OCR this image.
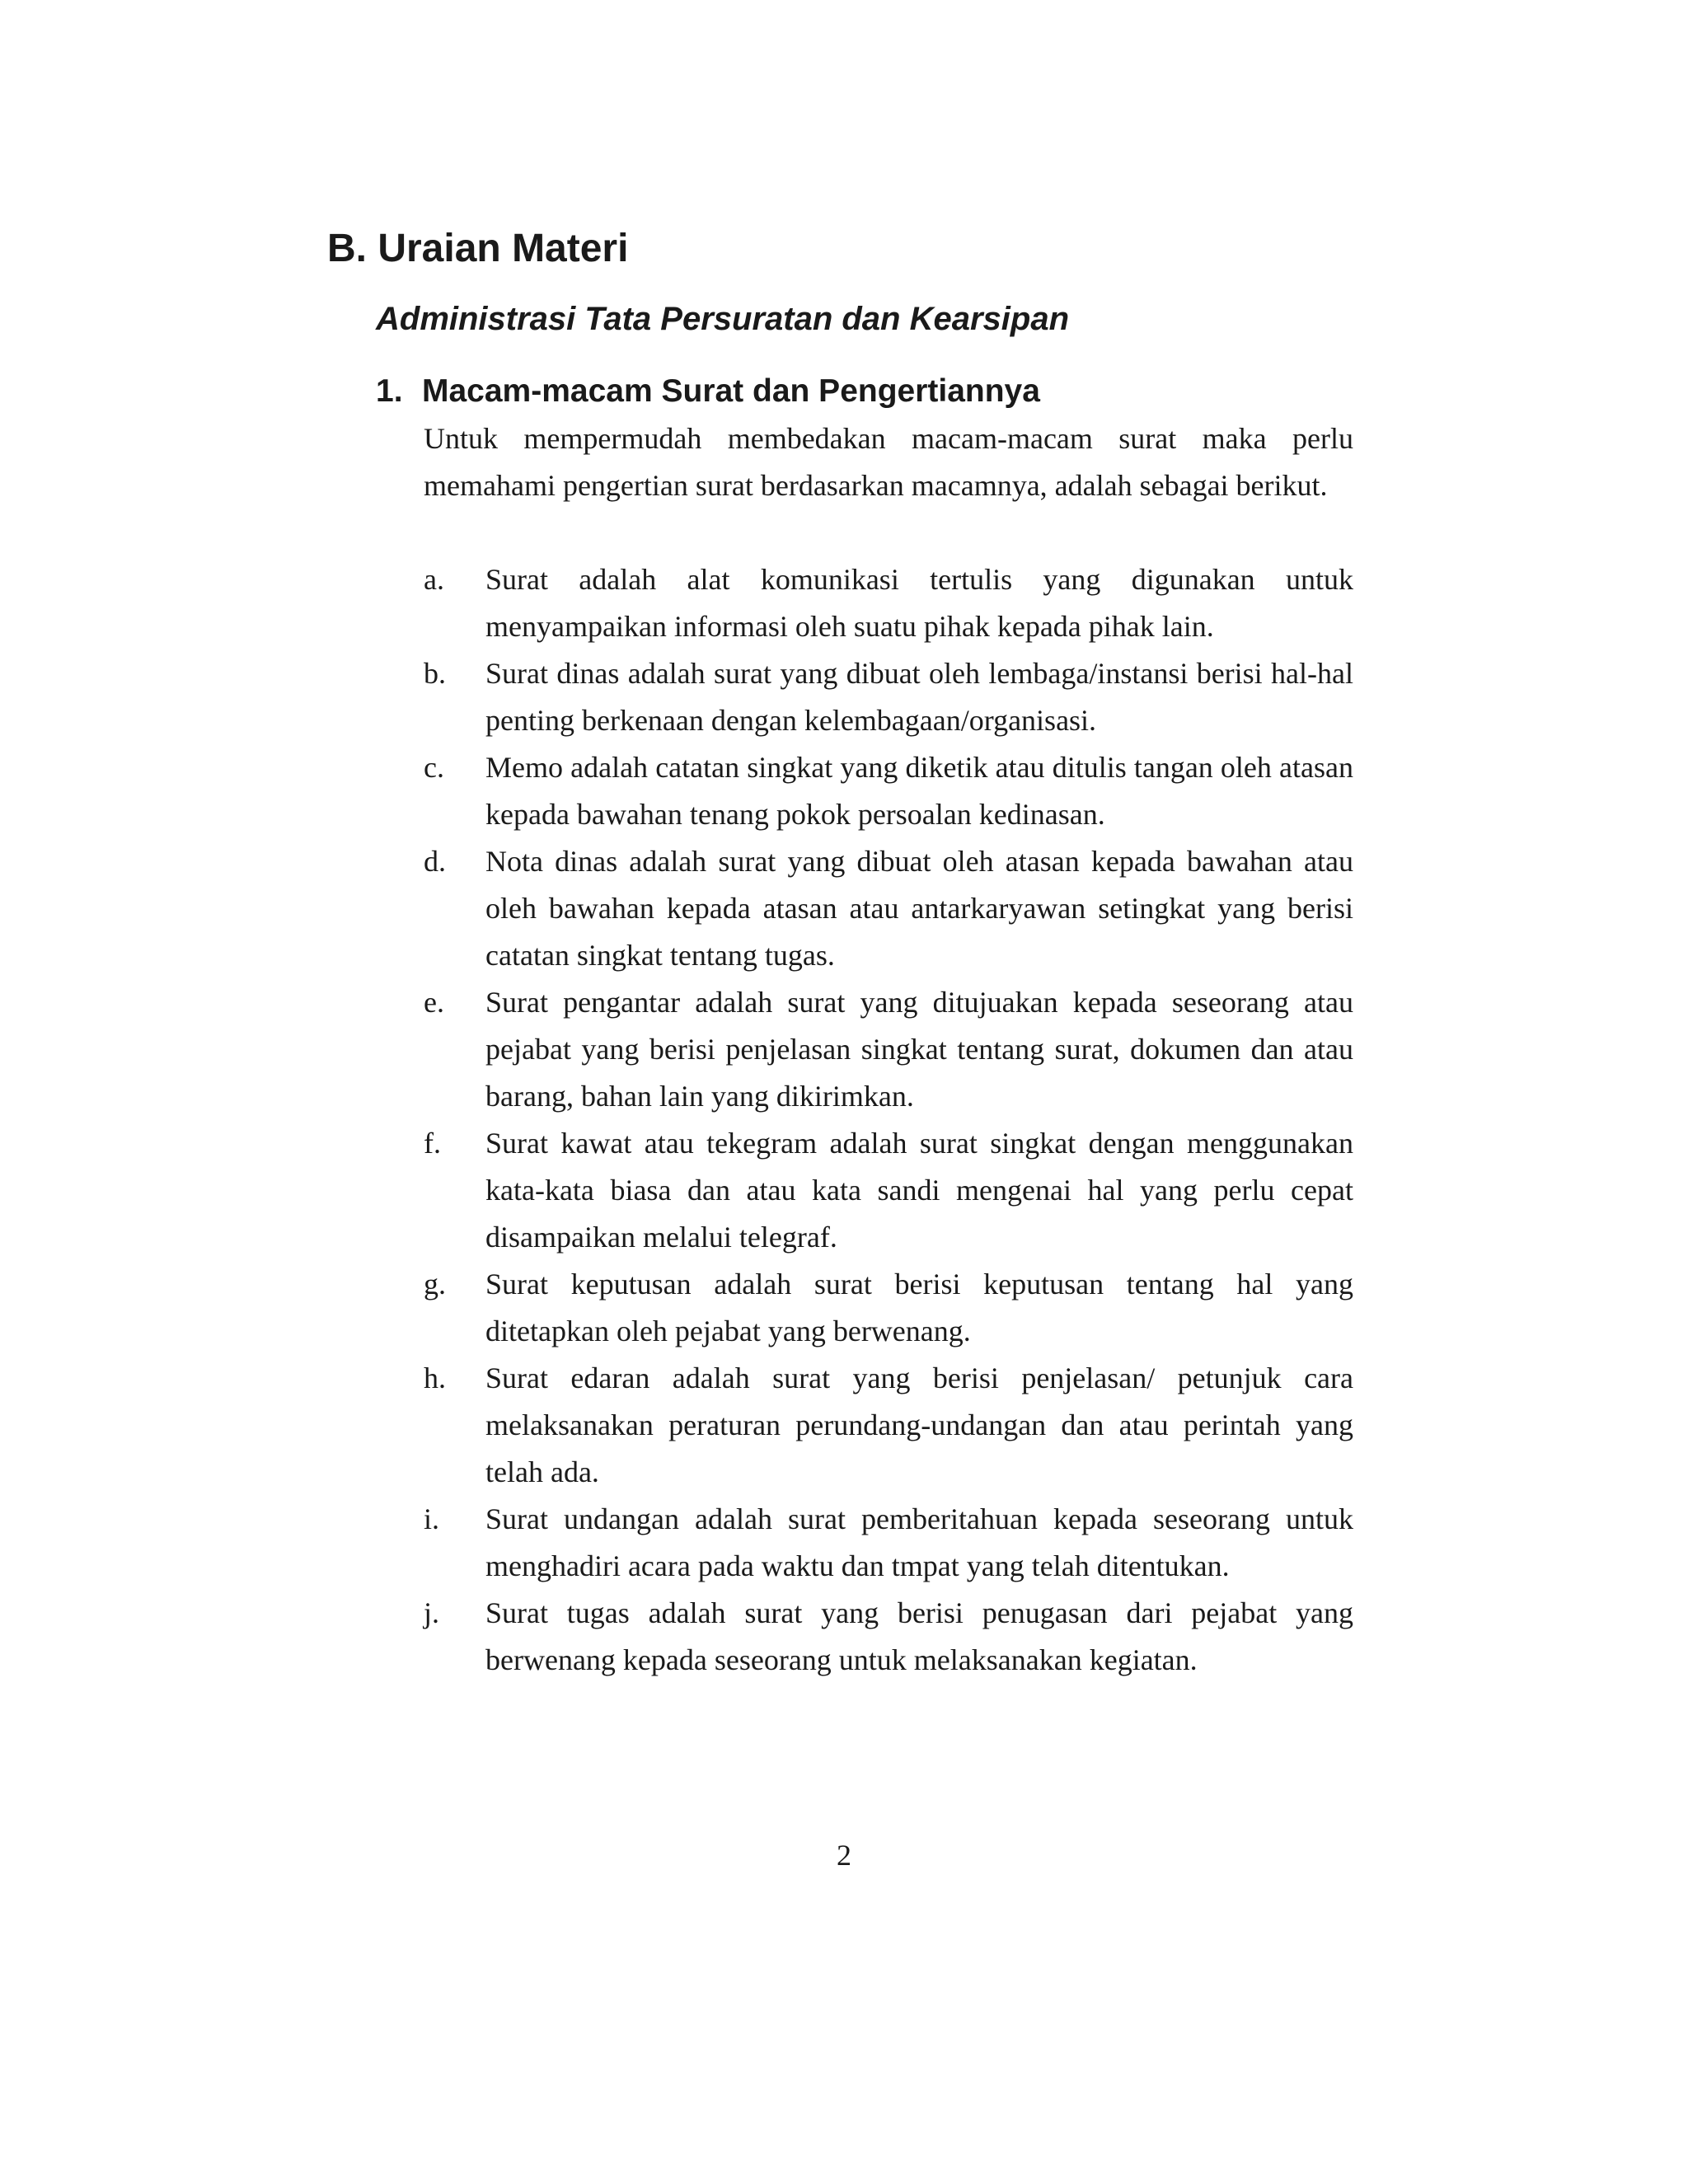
B. Uraian Materi
Administrasi Tata Persuratan dan Kearsipan
1. Macam-macam Surat dan Pengertiannya

Untuk mempermudah membedakan macam-macam surat maka perlu memahami pengertian surat berdasarkan macamnya, adalah sebagai berikut.

a.	Surat adalah alat komunikasi tertulis yang digunakan untuk menyampaikan informasi oleh suatu pihak kepada pihak lain.
b.	Surat dinas adalah surat yang dibuat oleh lembaga/instansi berisi hal-hal penting berkenaan dengan kelembagaan/organisasi.
c.	Memo adalah catatan singkat yang diketik atau ditulis tangan oleh atasan kepada bawahan tenang pokok persoalan kedinasan.
d.	Nota dinas adalah surat yang dibuat oleh atasan kepada bawahan atau oleh bawahan kepada atasan atau antarkaryawan setingkat yang berisi catatan singkat tentang tugas.
e.	Surat pengantar adalah surat yang ditujuakan kepada seseorang atau pejabat yang berisi penjelasan singkat tentang surat, dokumen dan atau barang, bahan lain yang dikirimkan.
f.	Surat kawat atau tekegram adalah surat singkat dengan menggunakan kata-kata biasa dan atau kata sandi mengenai hal yang perlu cepat disampaikan melalui telegraf.
g.	Surat keputusan adalah surat berisi keputusan tentang hal yang ditetapkan oleh pejabat yang berwenang.
h.	Surat edaran adalah surat yang berisi penjelasan/ petunjuk cara melaksanakan peraturan perundang-undangan dan atau perintah yang telah ada.
i.	Surat undangan adalah surat pemberitahuan kepada seseorang untuk menghadiri acara pada waktu dan tmpat yang telah ditentukan.
j.	Surat tugas adalah surat yang berisi penugasan dari pejabat yang berwenang kepada seseorang untuk melaksanakan kegiatan.

2
